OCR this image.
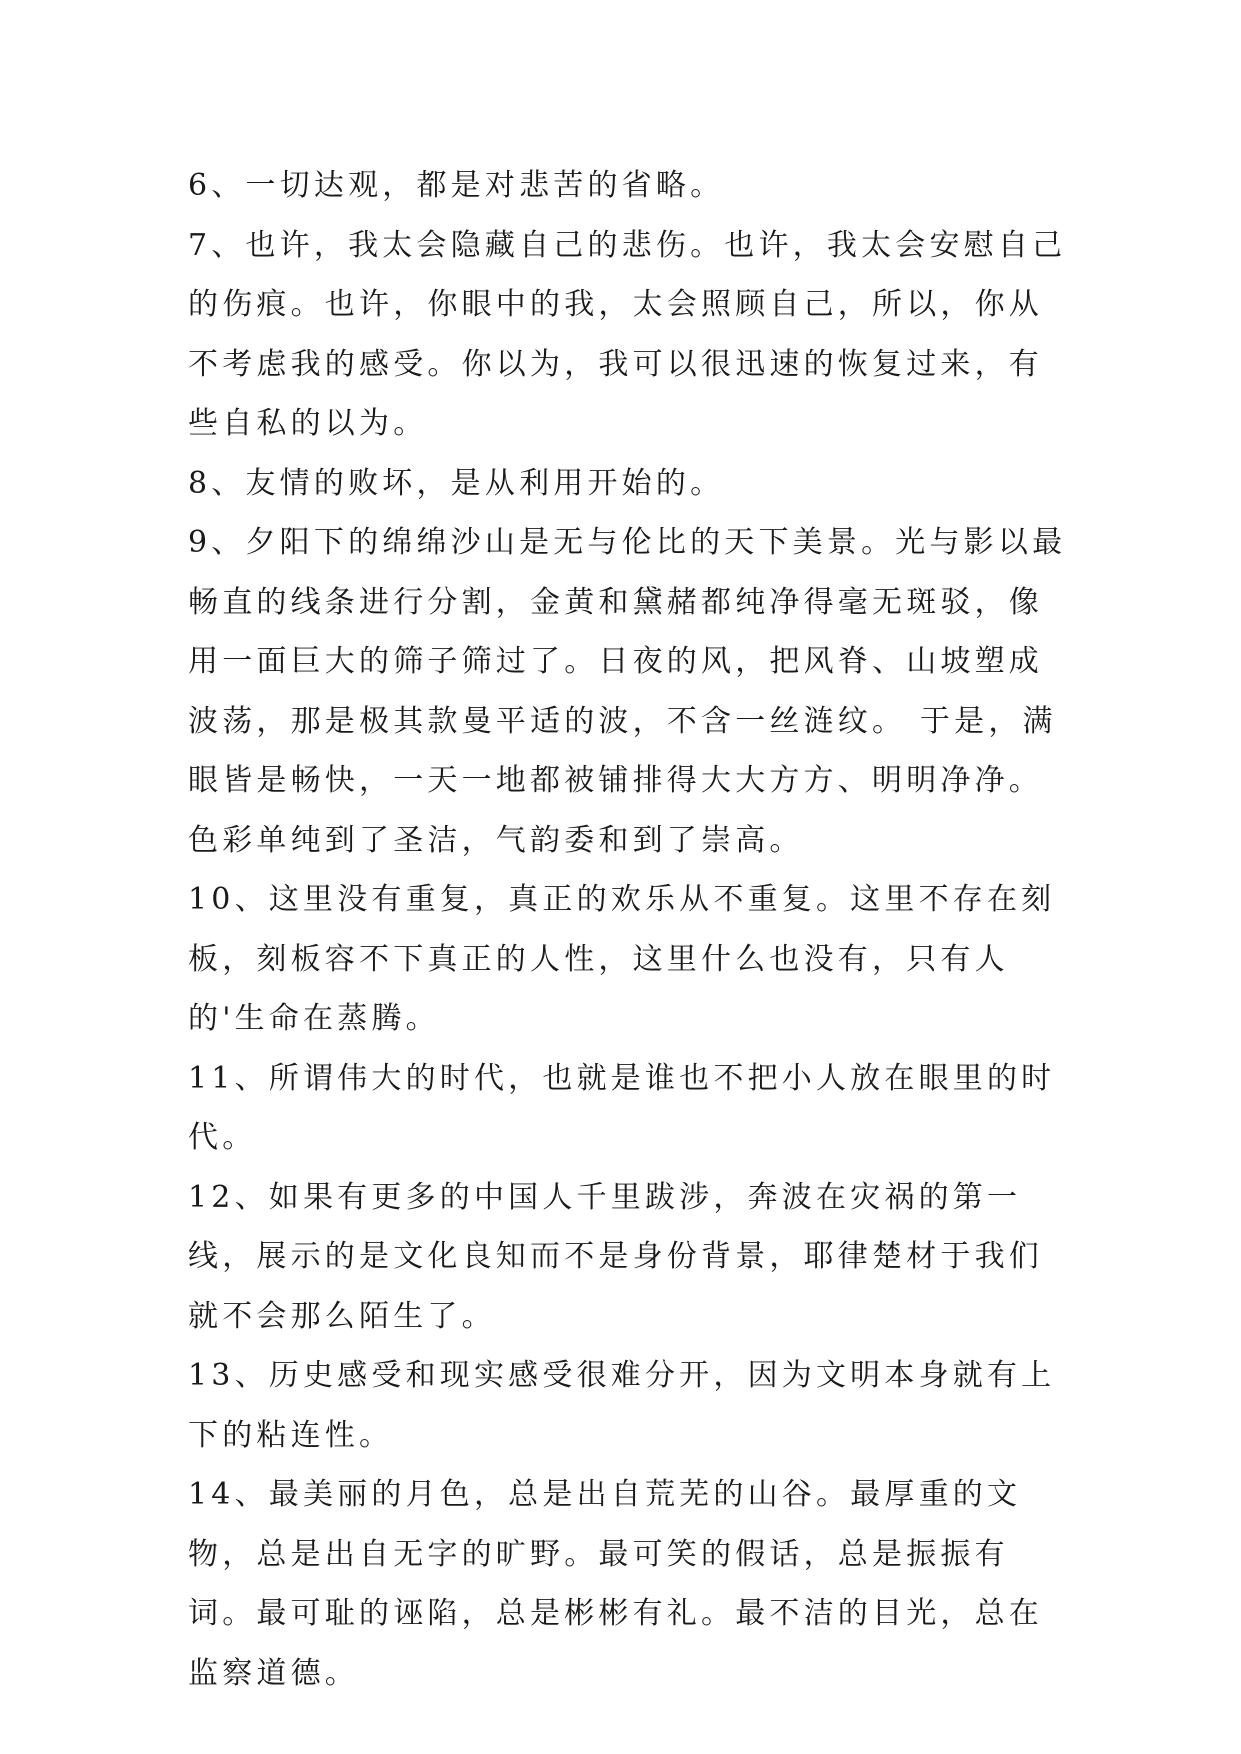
6、一切达观，都是对悲苦的省略。

7、也许，我太会隐藏自己的悲伤。也许，我太会安慰自己的伤痕。也许，你眼中的我，太会照顾自己，所以，你从不考虑我的感受。你以为，我可以很迅速的恢复过来，有些自私的以为。

8、友情的败坏，是从利用开始的。

9、夕阳下的绵绵沙山是无与伦比的天下美景。光与影以最畅直的线条进行分割，金黄和黛赭都纯净得毫无斑驳，像用一面巨大的筛子筛过了。日夜的风，把风脊、山坡塑成波荡，那是极其款曼平适的波，不含一丝涟纹。 于是，满眼皆是畅快，一天一地都被铺排得大大方方、明明净净。色彩单纯到了圣洁，气韵委和到了崇高。

10、这里没有重复，真正的欢乐从不重复。这里不存在刻板，刻板容不下真正的人性，这里什么也没有，只有人的'生命在蒸腾。

11、所谓伟大的时代，也就是谁也不把小人放在眼里的时代。

12、如果有更多的中国人千里跋涉，奔波在灾祸的第一线，展示的是文化良知而不是身份背景，耶律楚材于我们就不会那么陌生了。

13、历史感受和现实感受很难分开，因为文明本身就有上下的粘连性。

14、最美丽的月色，总是出自荒芜的山谷。最厚重的文物，总是出自无字的旷野。最可笑的假话，总是振振有词。最可耻的诬陷，总是彬彬有礼。最不洁的目光，总在监察道德。
